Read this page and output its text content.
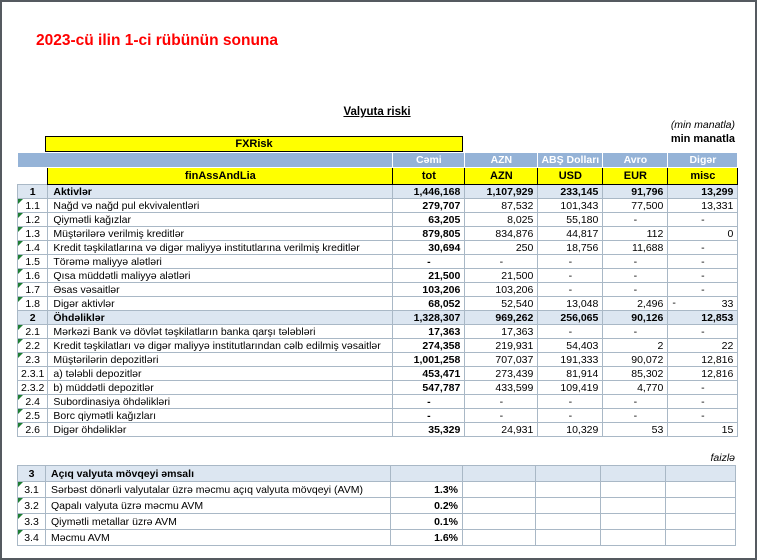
2023-cü ilin 1-ci rübünün sonuna
Valyuta riski
(min manatla)
min manatla
faizlə
FXRisk
		Cəmi	AZN	ABŞ Dolları	Avro	Digər
	finAssAndLia	tot	AZN	USD	EUR	misc
1	Aktivlər	1,446,168	1,107,929	233,145	91,796	13,299

1.1	Nağd və nağd pul ekvivalentləri	279,707	87,532	101,343	77,500	13,331

1.2	Qiymətli kağızlar	63,205	8,025	55,180	-	-

1.3	Müştərilərə verilmiş kreditlər	879,805	834,876	44,817	112	0

1.4	Kredit təşkilatlarına və digər maliyyə institutlarına verilmiş kreditlər	30,694	250	18,756	11,688	-

1.5	Törəmə maliyyə alətləri	-	-	-	-	-

1.6	Qısa müddətli maliyyə alətləri	21,500	21,500	-	-	-

1.7	Əsas vəsaitlər	103,206	103,206	-	-	-

1.8	Digər aktivlər	68,052	52,540	13,048	2,496	- 33
2	Öhdəliklər	1,328,307	969,262	256,065	90,126	12,853

2.1	Mərkəzi Bank və dövlət təşkilatların banka qarşı tələbləri	17,363	17,363	-	-	-

2.2	Kredit təşkilatları və digər maliyyə institutlarından cəlb edilmiş vəsaitlər	274,358	219,931	54,403	2	22

2.3	Müştərilərin depozitləri	1,001,258	707,037	191,333	90,072	12,816
2.3.1	a) tələbli depozitlər	453,471	273,439	81,914	85,302	12,816
2.3.2	b) müddətli depozitlər	547,787	433,599	109,419	4,770	-

2.4	Subordinasiya öhdəlikləri	-	-	-	-	-

2.5	Borc qiymətli kağızları	-	-	-	-	-

2.6	Digər öhdəliklər	35,329	24,931	10,329	53	15
3	Açıq valyuta mövqeyi əmsalı					

3.1	Sərbəst dönərli valyutalar üzrə məcmu açıq valyuta mövqeyi (AVM)	1.3%				

3.2	Qapalı valyuta üzrə məcmu AVM	0.2%				

3.3	Qiymətli metallar üzrə AVM	0.1%				

3.4	Məcmu AVM	1.6%				
